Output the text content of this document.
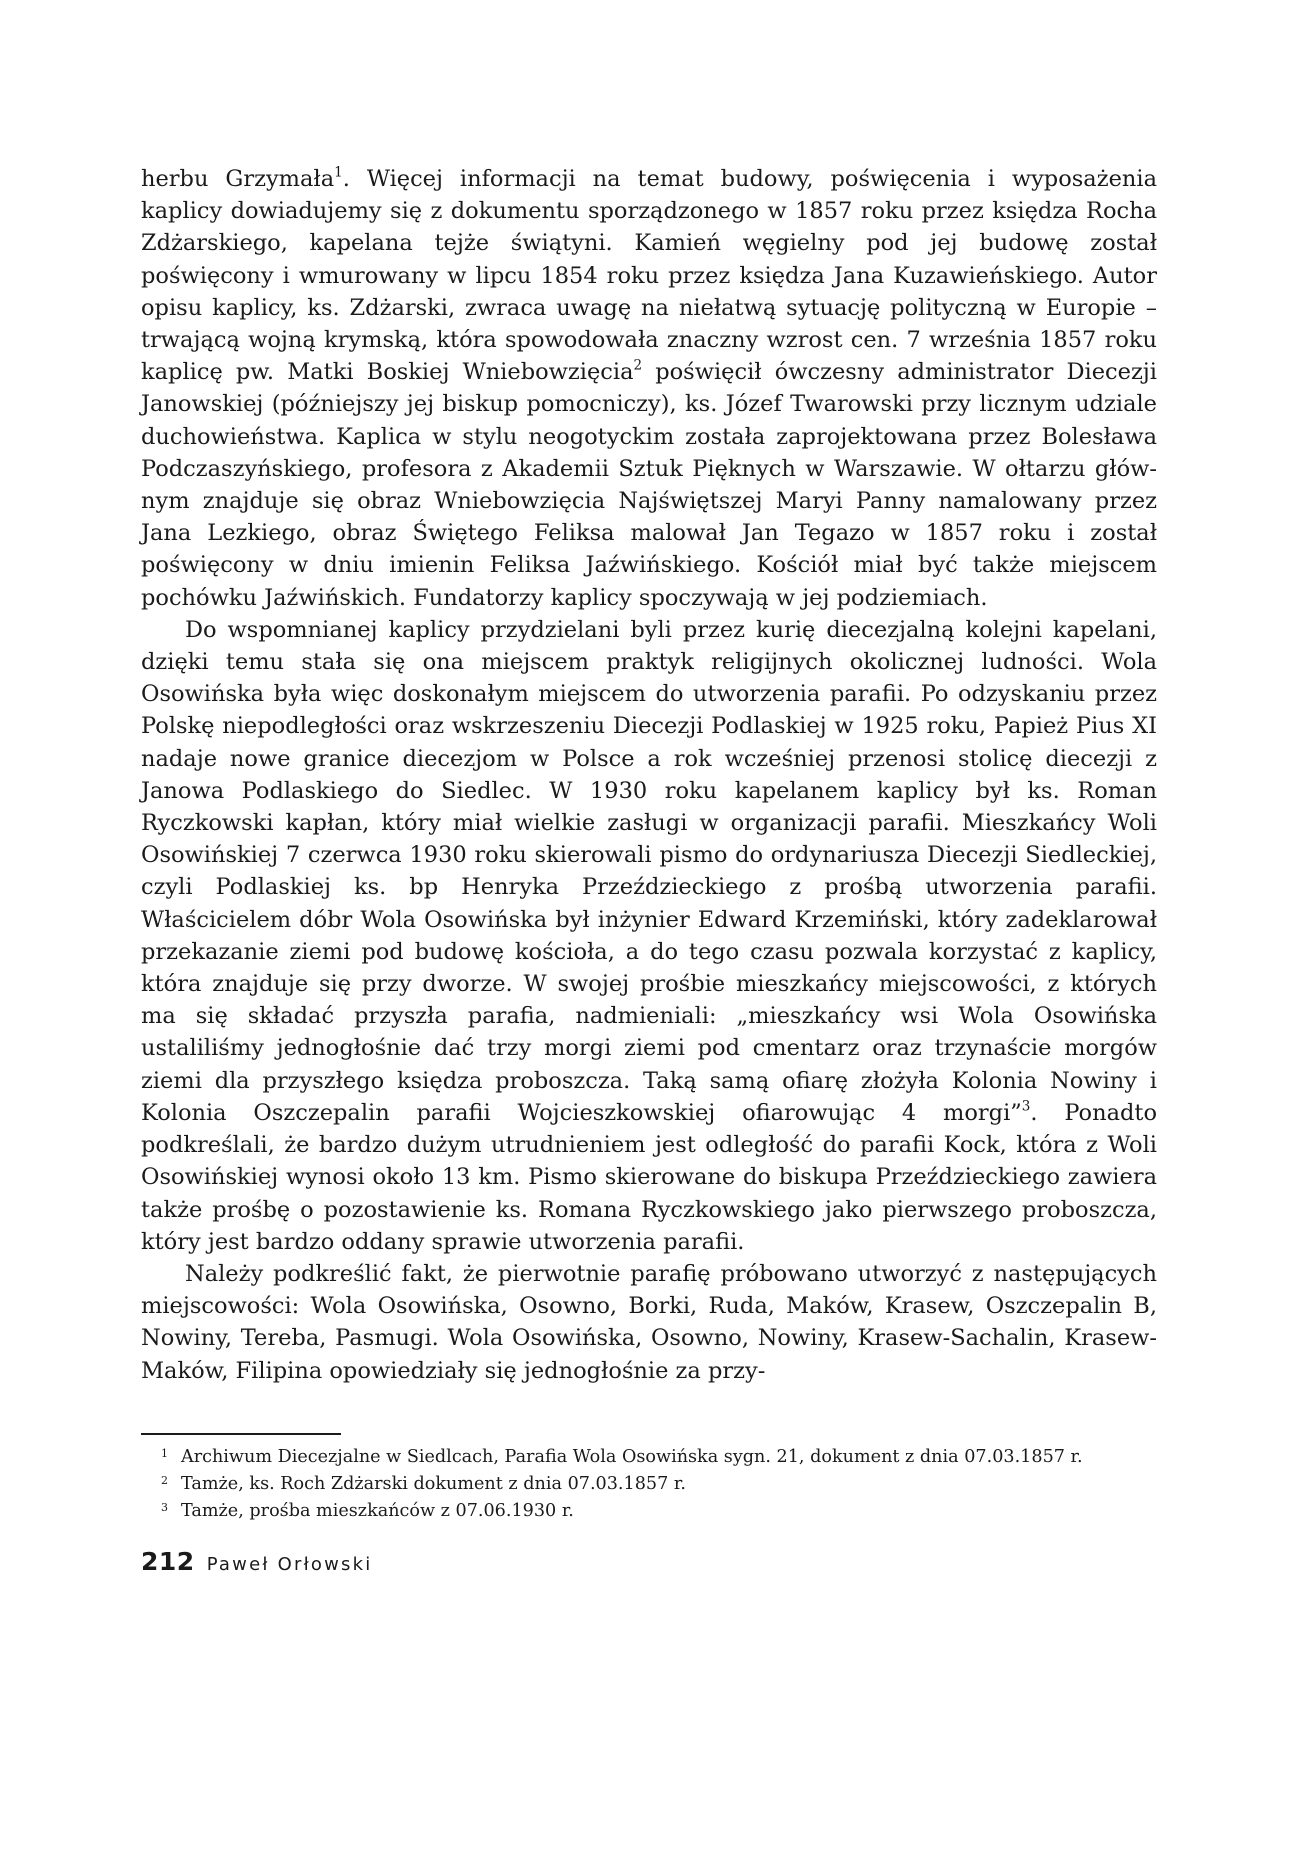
herbu Grzymała$^1$. Więcej informacji na temat budowy, poświęcenia i wyposażenia kaplicy dowiadujemy się z dokumentu sporządzonego w 1857 roku przez księdza Rocha Zdżarskiego, kapelana tejże świątyni. Kamień węgielny pod jej budowę został poświęcony i wmurowany w lipcu 1854 roku przez księdza Jana Kuzawieńskiego. Autor opisu kaplicy, ks. Zdżarski, zwraca uwagę na niełatwą sytuację polityczną w Europie – trwającą wojną krymską, która spowodowała znaczny wzrost cen. 7 września 1857 roku kaplicę pw. Matki Boskiej Wniebowzięcia$^2$ poświęcił ówczesny administrator Diecezji Janowskiej (późniejszy jej biskup pomocniczy), ks. Józef Twarowski przy licznym udziale duchowieństwa. Kaplica w stylu neogotyckim została zaprojektowana przez Bolesława Podczaszyńskiego, profesora z Akademii Sztuk Pięknych w Warszawie. W ołtarzu głównym znajduje się obraz Wniebowzięcia Najświętszej Maryi Panny namalowany przez Jana Lezkiego, obraz Świętego Feliksa malował Jan Tegazo w 1857 roku i został poświęcony w dniu imienin Feliksa Jaźwińskiego. Kościół miał być także miejscem pochówku Jaźwińskich. Fundatorzy kaplicy spoczywają w jej podziemiach.

Do wspomnianej kaplicy przydzielani byli przez kurię diecezjalną kolejni kapelani, dzięki temu stała się ona miejscem praktyk religijnych okolicznej ludności. Wola Osowińska była więc doskonałym miejscem do utworzenia parafii. Po odzyskaniu przez Polskę niepodległości oraz wskrzeszeniu Diecezji Podlaskiej w 1925 roku, Papież Pius XI nadaje nowe granice diecezjom w Polsce a rok wcześniej przenosi stolicę diecezji z Janowa Podlaskiego do Siedlec. W 1930 roku kapelanem kaplicy był ks. Roman Ryczkowski kapłan, który miał wielkie zasługi w organizacji parafii. Mieszkańcy Woli Osowińskiej 7 czerwca 1930 roku skierowali pismo do ordynariusza Diecezji Siedleckiej, czyli Podlaskiej ks. bp Henryka Przeździeckiego z prośbą utworzenia parafii. Właścicielem dóbr Wola Osowińska był inżynier Edward Krzemiński, który zadeklarował przekazanie ziemi pod budowę kościoła, a do tego czasu pozwala korzystać z kaplicy, która znajduje się przy dworze. W swojej prośbie mieszkańcy miejscowości, z których ma się składać przyszła parafia, nadmieniali: „mieszkańcy wsi Wola Osowińska ustaliliśmy jednogłośnie dać trzy morgi ziemi pod cmentarz oraz trzynaście morgów ziemi dla przyszłego księdza proboszcza. Taką samą ofiarę złożyła Kolonia Nowiny i Kolonia Oszczepalin parafii Wojcieszkowskiej ofiarowując 4 morgi”$^3$. Ponadto podkreślali, że bardzo dużym utrudnieniem jest odległość do parafii Kock, która z Woli Osowińskiej wynosi około 13 km. Pismo skierowane do biskupa Przeździeckiego zawiera także prośbę o pozostawienie ks. Romana Ryczkowskiego jako pierwszego proboszcza, który jest bardzo oddany sprawie utworzenia parafii.

Należy podkreślić fakt, że pierwotnie parafię próbowano utworzyć z następujących miejscowości: Wola Osowińska, Osowno, Borki, Ruda, Maków, Krasew, Oszczepalin B, Nowiny, Tereba, Pasmugi. Wola Osowińska, Osowno, Nowiny, Krasew-Sachalin, Krasew-Maków, Filipina opowiedziały się jednogłośnie za przy-

1 Archiwum Diecezjalne w Siedlcach, Parafia Wola Osowińska sygn. 21, dokument z dnia 07.03.1857 r.
2 Tamże, ks. Roch Zdżarski dokument z dnia 07.03.1857 r.
3 Tamże, prośba mieszkańców z 07.06.1930 r.
212 Paweł Orłowski
